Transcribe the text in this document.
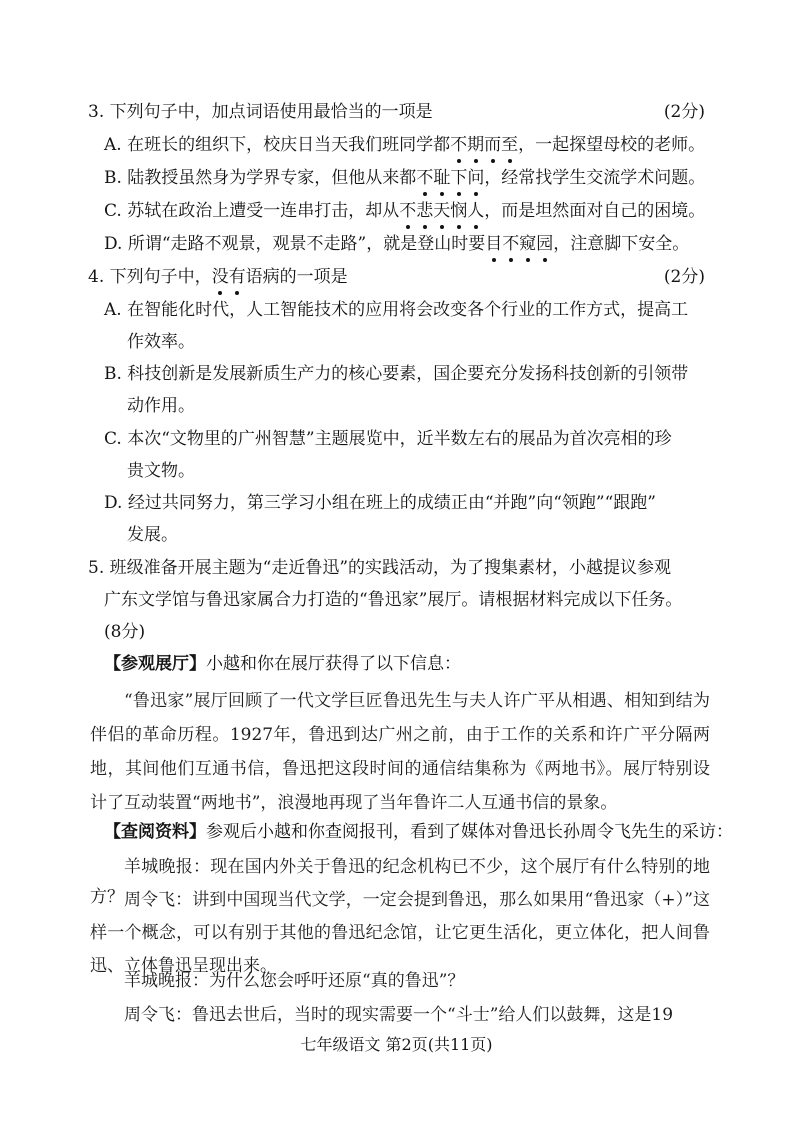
3. 下列句子中，加点词语使用最恰当的一项是	(2分)
A. 在班长的组织下，校庆日当天我们班同学都不期而至，一起探望母校的老师。
B. 陆教授虽然身为学界专家，但他从来都不耻下问，经常找学生交流学术问题。
C. 苏轼在政治上遭受一连串打击，却从不悲天悯人，而是坦然面对自己的困境。
D. 所谓“走路不观景，观景不走路”，就是登山时要目不窥园，注意脚下安全。
4. 下列句子中，没有语病的一项是	(2分)
A. 在智能化时代，人工智能技术的应用将会改变各个行业的工作方式，提高工
作效率。
B. 科技创新是发展新质生产力的核心要素，国企要充分发扬科技创新的引领带
动作用。
C. 本次“文物里的广州智慧”主题展览中，近半数左右的展品为首次亮相的珍
贵文物。
D. 经过共同努力，第三学习小组在班上的成绩正由“并跑”向“领跑”“跟跑”
发展。
5. 班级准备开展主题为“走近鲁迅”的实践活动，为了搜集素材，小越提议参观
广东文学馆与鲁迅家属合力打造的“鲁迅家”展厅。请根据材料完成以下任务。
(8分)
【参观展厅】小越和你在展厅获得了以下信息：
“鲁迅家”展厅回顾了一代文学巨匠鲁迅先生与夫人许广平从相遇、相知到结为伴侣的革命历程。1927年，鲁迅到达广州之前，由于工作的关系和许广平分隔两地，其间他们互通书信，鲁迅把这段时间的通信结集称为《两地书》。展厅特别设计了互动装置“两地书”，浪漫地再现了当年鲁许二人互通书信的景象。
【查阅资料】参观后小越和你查阅报刊，看到了媒体对鲁迅长孙周令飞先生的采访：
羊城晚报：现在国内外关于鲁迅的纪念机构已不少，这个展厅有什么特别的地方？ 周令飞：讲到中国现当代文学，一定会提到鲁迅，那么如果用“鲁迅家（+）”这样一个概念，可以有别于其他的鲁迅纪念馆，让它更生活化，更立体化，把人间鲁迅、立体鲁迅呈现出来。
羊城晚报：为什么您会呼吁还原“真的鲁迅”？
七年级语文 第2页(共11页)
周令飞：鲁迅去世后，当时的现实需要一个“斗士”给人们以鼓舞，这是19
